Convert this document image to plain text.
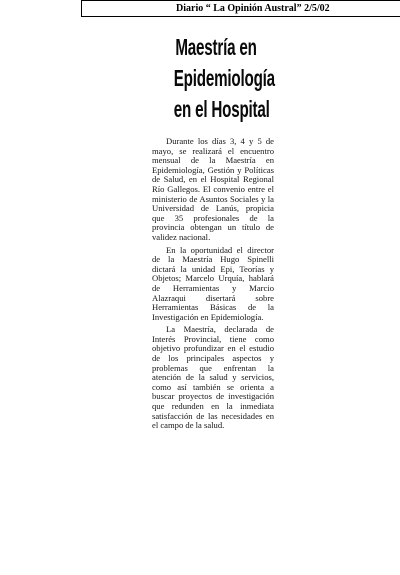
Diario “ La Opinión Austral” 2/5/02
Maestría en
Epidemiología
en el Hospital

Durante los días 3, 4 y 5 de mayo, se realizará el encuentro mensual de la Maestría en Epidemiología, Gestión y Políticas de Salud, en el Hospital Regional Río Gallegos. El convenio entre el ministerio de Asuntos Sociales y la Universidad de Lanús, propicia que 35 profesionales de la provincia obtengan un título de validez nacional.

En la oportunidad el director de la Maestría Hugo Spinelli dictará la unidad Epi, Teorías y Objetos; Marcelo Urquía, hablará de Herramientas y Marcio Alazraqui disertará sobre Herramientas Básicas de la Investigación en Epidemiología.

La Maestría, declarada de Interés Provincial, tiene como objetivo profundizar en el estudio de los principales aspectos y problemas que enfrentan la atención de la salud y servicios, como así también se orienta a buscar proyectos de investigación que redunden en la inmediata satisfacción de las necesidades en el campo de la salud.
